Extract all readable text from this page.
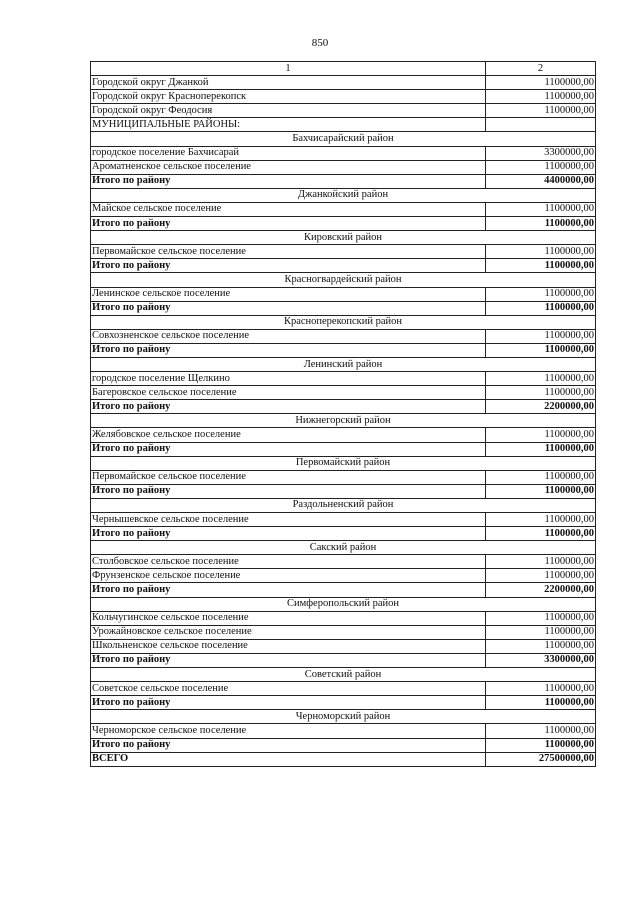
850
1	2
Городской округ Джанкой	1100000,00
Городской округ Красноперекопск	1100000,00
Городской округ Феодосия	1100000,00
МУНИЦИПАЛЬНЫЕ РАЙОНЫ:	
Бахчисарайский район	
городское поселение Бахчисарай	3300000,00
Ароматненское сельское поселение	1100000,00
Итого по району	4400000,00
Джанкойский район	
Майское сельское поселение	1100000,00
Итого по району	1100000,00
Кировский район	
Первомайское сельское поселение	1100000,00
Итого по району	1100000,00
Красногвардейский район	
Ленинское сельское поселение	1100000,00
Итого по району	1100000,00
Красноперекопский район	
Совхозненское сельское поселение	1100000,00
Итого по району	1100000,00
Ленинский район	
городское поселение Щелкино	1100000,00
Багеровское сельское поселение	1100000,00
Итого по району	2200000,00
Нижнегорский район	
Желябовское сельское поселение	1100000,00
Итого по району	1100000,00
Первомайский район	
Первомайское сельское поселение	1100000,00
Итого по району	1100000,00
Раздольненский район	
Чернышевское сельское поселение	1100000,00
Итого по району	1100000,00
Сакский район	
Столбовское сельское поселение	1100000,00
Фрунзенское сельское поселение	1100000,00
Итого по району	2200000,00
Симферопольский район	
Кольчугинское сельское поселение	1100000,00
Урожайновское сельское поселение	1100000,00
Школьненское сельское поселение	1100000,00
Итого по району	3300000,00
Советский район	
Советское сельское поселение	1100000,00
Итого по району	1100000,00
Черноморский район	
Черноморское сельское поселение	1100000,00
Итого по району	1100000,00
ВСЕГО	27500000,00
